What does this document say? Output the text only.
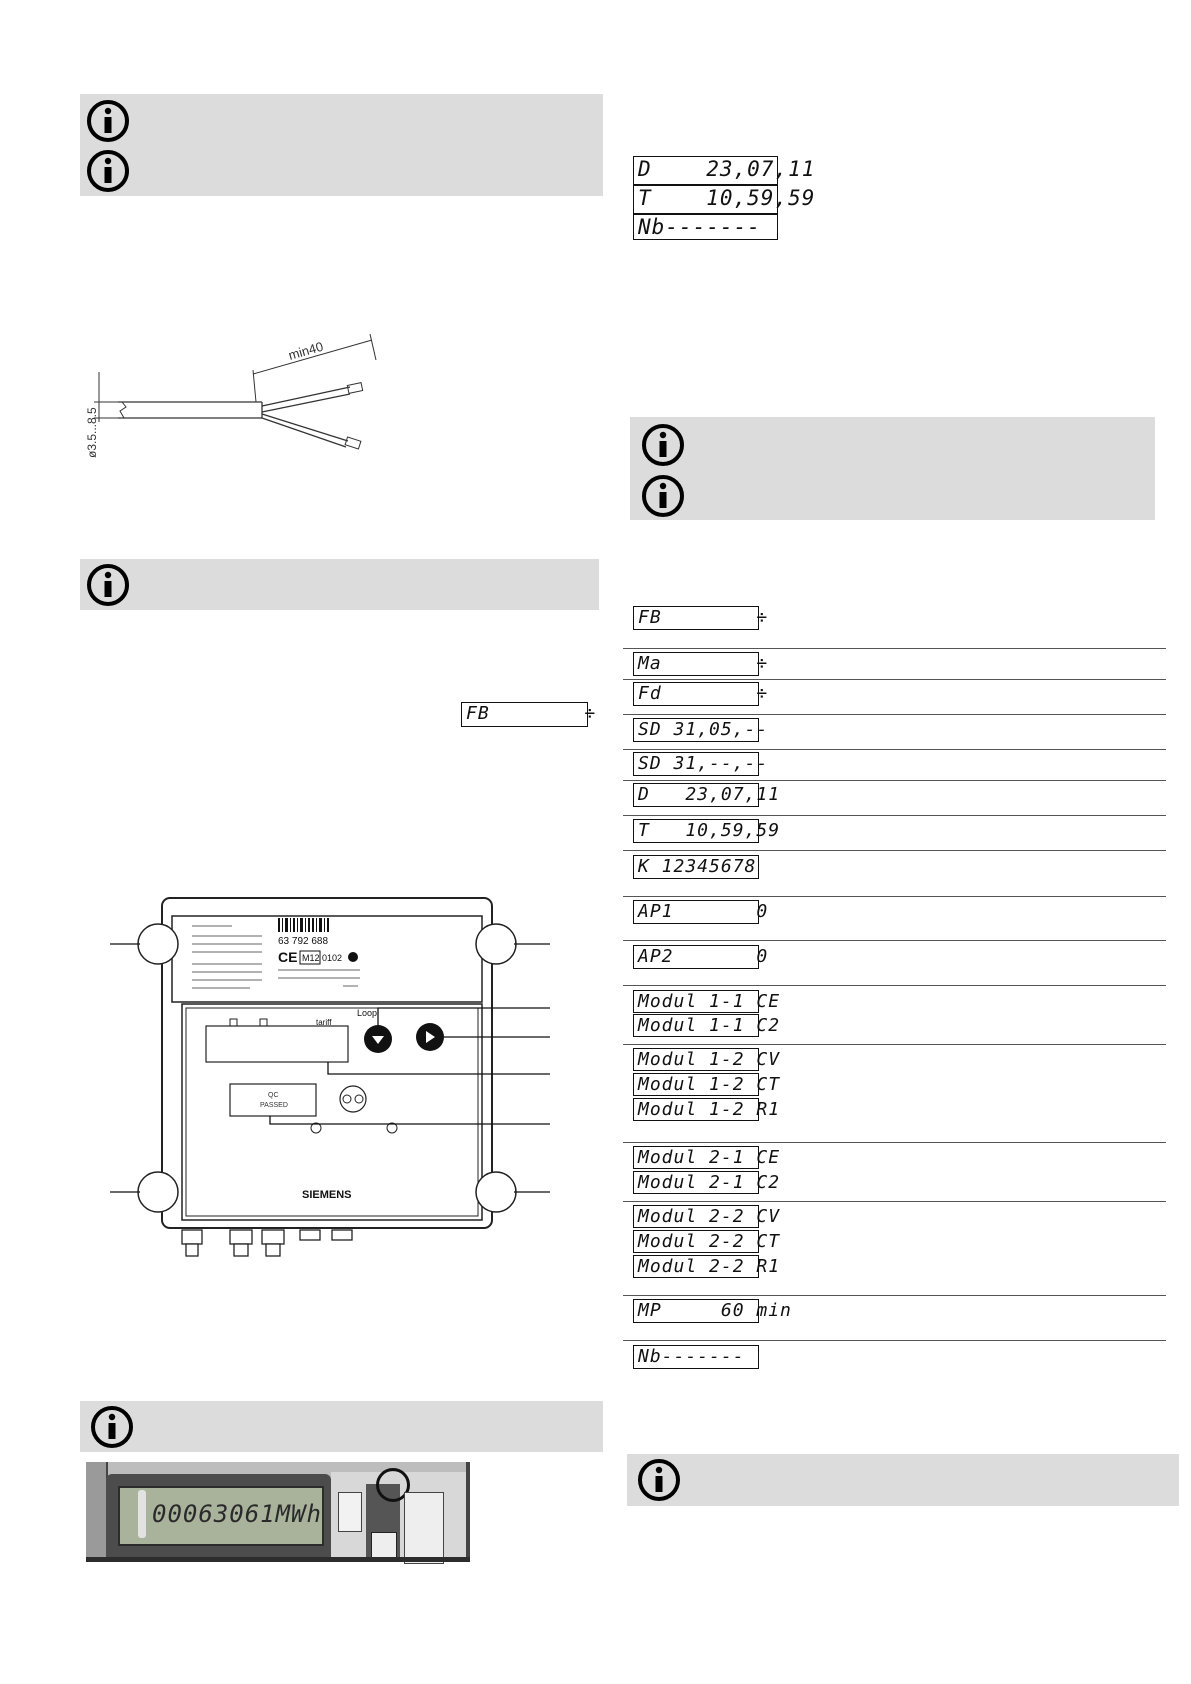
min40
ø3.5...8.5
FB        ÷
63 792 688
CE M12 0102
tariff
Loop
QC
PASSED
SIEMENS
00063061MWh
D    23,07,11
T    10,59,59
Nb-------
FB        ÷
Ma        ÷
Fd        ÷
SD 31,05,--
SD 31,--,--
D   23,07,11
T   10,59,59
K 12345678
AP1       0
AP2       0
Modul 1-1 CE
Modul 1-1 C2
Modul 1-2 CV
Modul 1-2 CT
Modul 1-2 R1
Modul 2-1 CE
Modul 2-1 C2
Modul 2-2 CV
Modul 2-2 CT
Modul 2-2 R1
MP     60 min
Nb-------
